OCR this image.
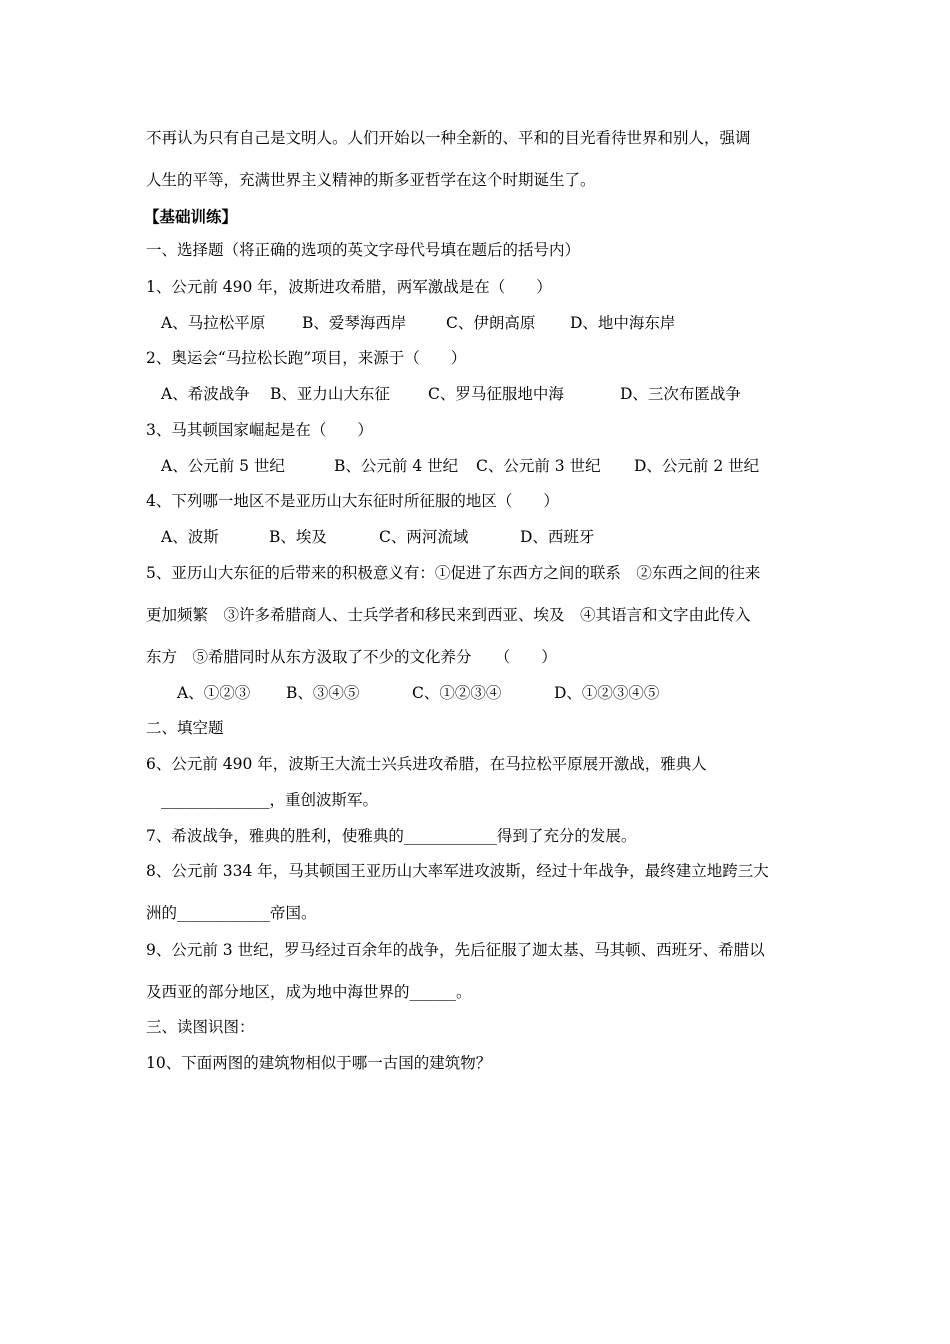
不再认为只有自己是文明人。人们开始以一种全新的、平和的目光看待世界和别人，强调
人生的平等，充满世界主义精神的斯多亚哲学在这个时期诞生了。
【基础训练】
一、选择题（将正确的选项的英文字母代号填在题后的括号内）
1、公元前 490 年，波斯进攻希腊，两军激战是在（　　）
A、马拉松平原 B、爱琴海西岸	C、伊朗高原 D、地中海东岸
2、奥运会“马拉松长跑”项目，来源于（　　）
A、希波战争 B、亚力山大东征 C、罗马征服地中海	D、三次布匿战争
3、马其顿国家崛起是在（　　）
A、公元前 5 世纪	B、公元前 4 世纪 C、公元前 3 世纪 D、公元前 2 世纪
4、下列哪一地区不是亚历山大东征时所征服的地区（　　）
A、波斯	B、埃及	C、两河流域	D、西班牙
5、亚历山大东征的后带来的积极意义有：①促进了东西方之间的联系　②东西之间的往来
更加频繁　③许多希腊商人、士兵学者和移民来到西亚、埃及　④其语言和文字由此传入
东方　⑤希腊同时从东方汲取了不少的文化养分　　（　　）
A、①②③ B、③④⑤	C、①②③④	D、①②③④⑤
二、填空题
6、公元前 490 年，波斯王大流士兴兵进攻希腊，在马拉松平原展开激战，雅典人
______________，重创波斯军。
7、希波战争，雅典的胜利，使雅典的____________得到了充分的发展。
8、公元前 334 年，马其顿国王亚历山大率军进攻波斯，经过十年战争，最终建立地跨三大
洲的____________帝国。
9、公元前 3 世纪，罗马经过百余年的战争，先后征服了迦太基、马其顿、西班牙、希腊以
及西亚的部分地区，成为地中海世界的______。
三、读图识图：
10、下面两图的建筑物相似于哪一古国的建筑物？
